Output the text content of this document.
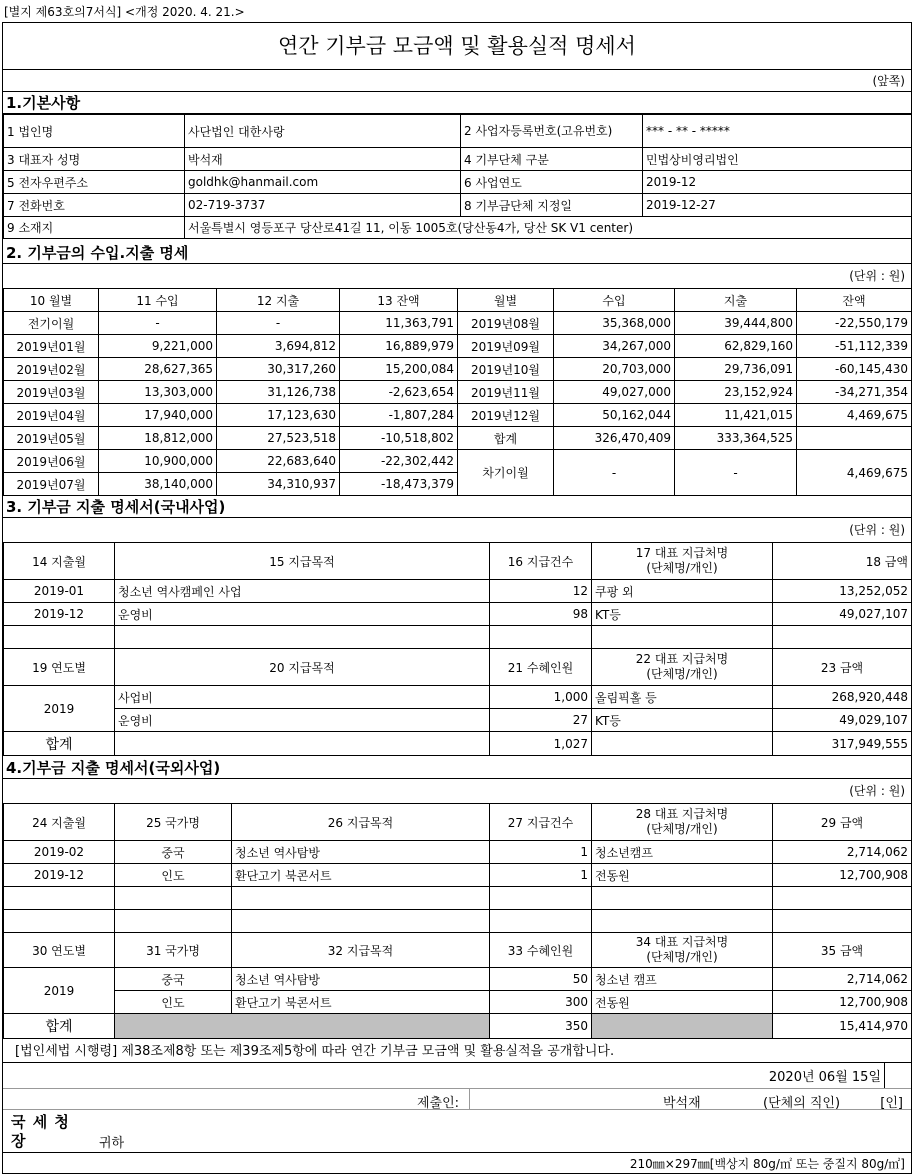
[별지 제63호의7서식] <개정 2020. 4. 21.>
연간 기부금 모금액 및 활용실적 명세서
(앞쪽)
1.기본사항
1 법인명	사단법인 대한사랑	2 사업자등록번호(고유번호)	*** - ** - *****
3 대표자 성명	박석재	4 기부단체 구분	민법상비영리법인
5 전자우편주소	goldhk@hanmail.com	6 사업연도	2019-12
7 전화번호	02-719-3737	8 기부금단체 지정일	2019-12-27
9 소재지	서울특별시 영등포구 당산로41길 11, 이동 1005호(당산동4가, 당산 SK V1 center)		
2. 기부금의 수입.지출 명세
(단위 : 원)
10 월별	11 수입	12 지출	13 잔액	월별	수입	지출	잔액
전기이월	-	-	11,363,791	2019년08월	35,368,000	39,444,800	-22,550,179
2019년01월	9,221,000	3,694,812	16,889,979	2019년09월	34,267,000	62,829,160	-51,112,339
2019년02월	28,627,365	30,317,260	15,200,084	2019년10월	20,703,000	29,736,091	-60,145,430
2019년03월	13,303,000	31,126,738	-2,623,654	2019년11월	49,027,000	23,152,924	-34,271,354
2019년04월	17,940,000	17,123,630	-1,807,284	2019년12월	50,162,044	11,421,015	4,469,675
2019년05월	18,812,000	27,523,518	-10,518,802	합계	326,470,409	333,364,525	
2019년06월	10,900,000	22,683,640	-22,302,442	차기이월	-	-	4,469,675
2019년07월	38,140,000	34,310,937	-18,473,379				
3. 기부금 지출 명세서(국내사업)
(단위 : 원)
14 지출월	15 지급목적	16 지급건수	17 대표 지급처명
(단체명/개인)	18 금액
2019-01	청소년 역사캠페인 사업	12	쿠팡 외	13,252,052
2019-12	운영비	98	KT등	49,027,107

19 연도별	20 지급목적	21 수혜인원	22 대표 지급처명
(단체명/개인)	23 금액
2019	사업비	1,000	올림픽홀 등	268,920,448
	운영비	27	KT등	49,029,107
합계		1,027		317,949,555
4.기부금 지출 명세서(국외사업)
(단위 : 원)
24 지출월	25 국가명	26 지급목적	27 지급건수	28 대표 지급처명
(단체명/개인)	29 금액
2019-02	중국	청소년 역사탐방	1	청소년캠프	2,714,062
2019-12	인도	환단고기 북콘서트	1	전동원	12,700,908

30 연도별	31 국가명	32 지급목적	33 수혜인원	34 대표 지급처명
(단체명/개인)	35 금액
2019	중국	청소년 역사탐방	50	청소년 캠프	2,714,062
	인도	환단고기 북콘서트	300	전동원	12,700,908
합계			350		15,414,970
[법인세법 시행령] 제38조제8항 또는 제39조제5항에 따라 연간 기부금 모금액 및 활용실적을 공개합니다.
2020년 06월 15일
제출인:	박석재	(단체의 직인)	[인]
국 세 청 장	귀하
210㎜×297㎜[백상지 80g/㎡ 또는 중질지 80g/㎡]
